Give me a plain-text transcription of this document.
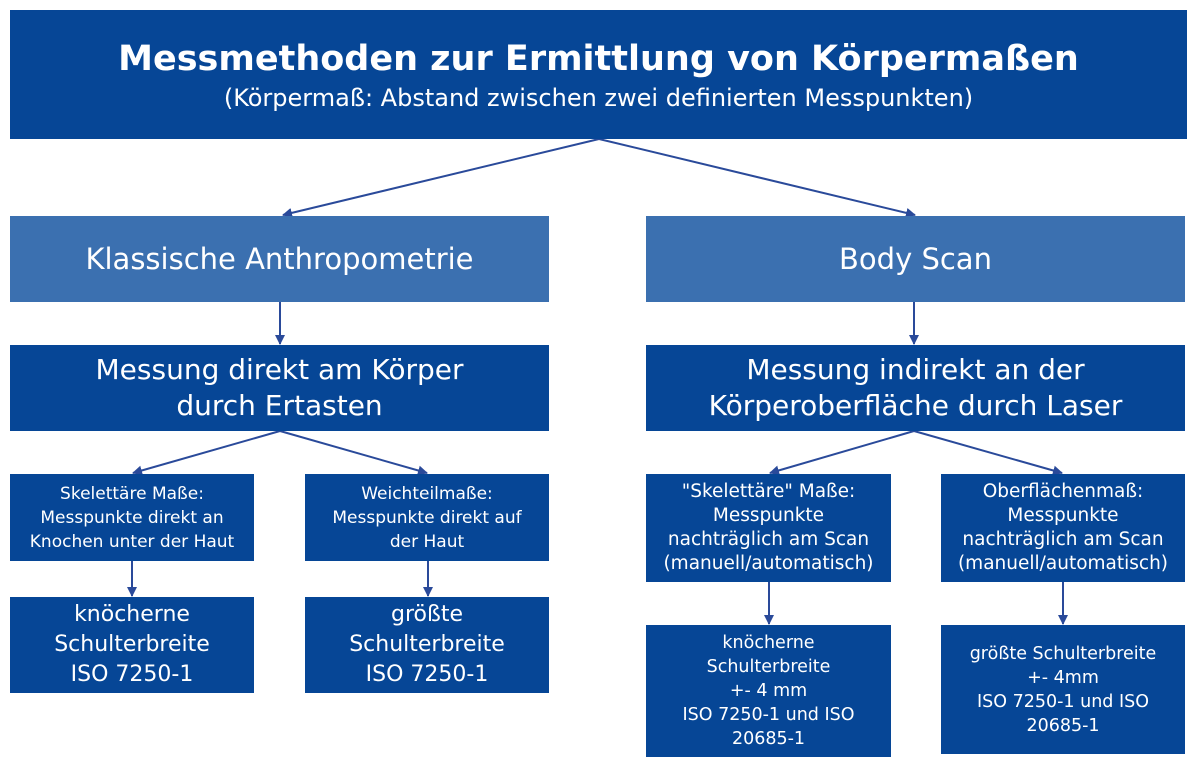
Messmethoden zur Ermittlung von Körpermaßen
(Körpermaß: Abstand zwischen zwei definierten Messpunkten)
Klassische Anthropometrie	Body Scan
Messung direkt am Körper
durch Ertasten
Messung indirekt an der
Körperoberfläche durch Laser
Skelettäre Maße:
Messpunkte direkt an
Knochen unter der Haut
Weichteilmaße:
Messpunkte direkt auf
der Haut
"Skelettäre" Maße:
Messpunkte
nachträglich am Scan
(manuell/automatisch)
Oberflächenmaß:
Messpunkte
nachträglich am Scan
(manuell/automatisch)
knöcherne
Schulterbreite
ISO 7250-1
größte
Schulterbreite
ISO 7250-1
knöcherne
Schulterbreite
+- 4 mm
ISO 7250-1 und ISO
20685-1
größte Schulterbreite
+- 4mm
ISO 7250-1 und ISO
20685-1
